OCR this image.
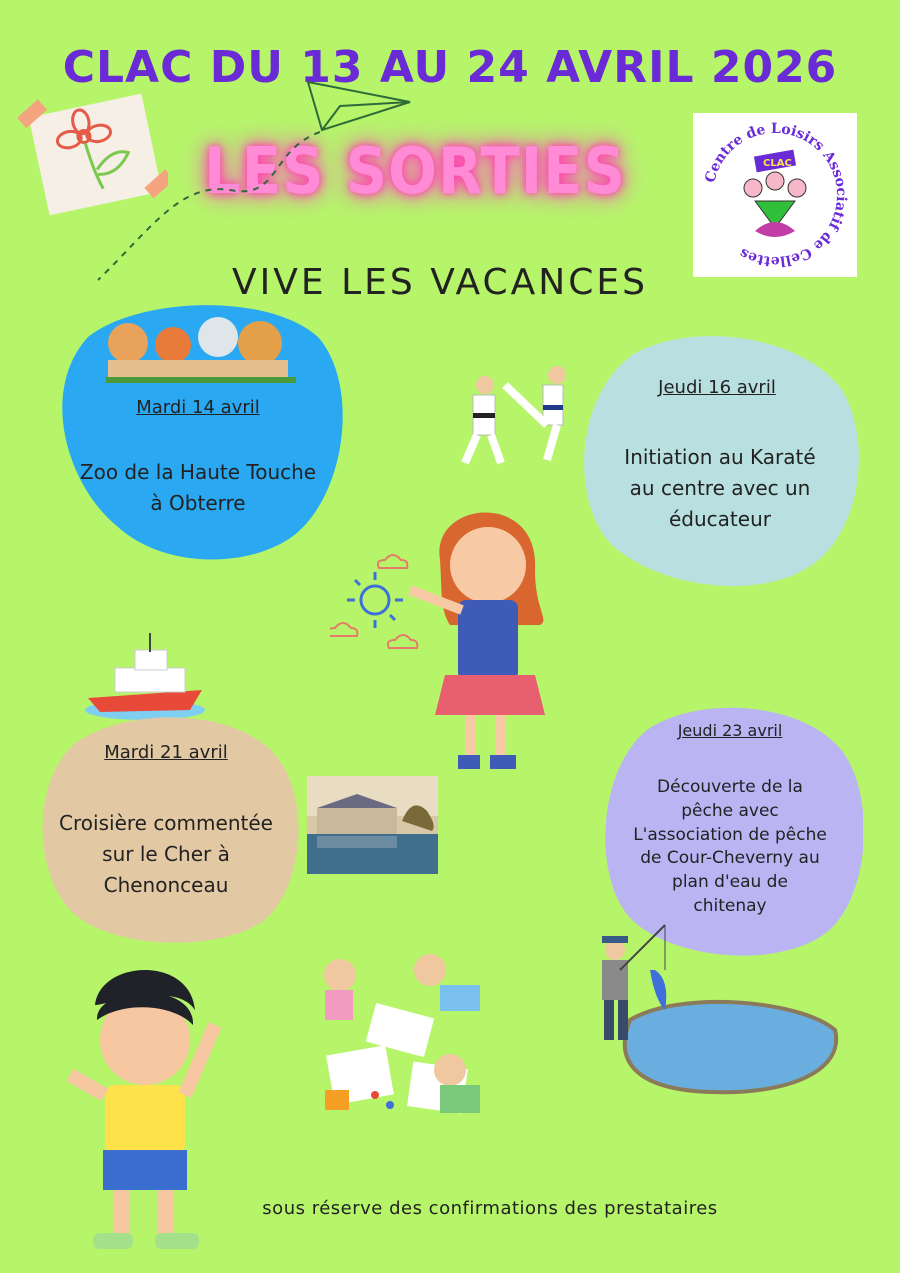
CLAC DU 13 AU 24 AVRIL 2026
LES SORTIES
VIVE LES VACANCES
Centre de Loisirs Associatif de Cellettes
CLAC
Mardi 14 avril
Zoo de la Haute Touche
à Obterre
Jeudi 16 avril
Initiation au Karaté
au centre avec un
éducateur
Mardi 21 avril
Croisière commentée
sur le Cher à
Chenonceau
Jeudi 23 avril
Découverte de la
pêche avec
L'association de pêche
de Cour-Cheverny au
plan d'eau de
chitenay
sous réserve des confirmations des prestataires
